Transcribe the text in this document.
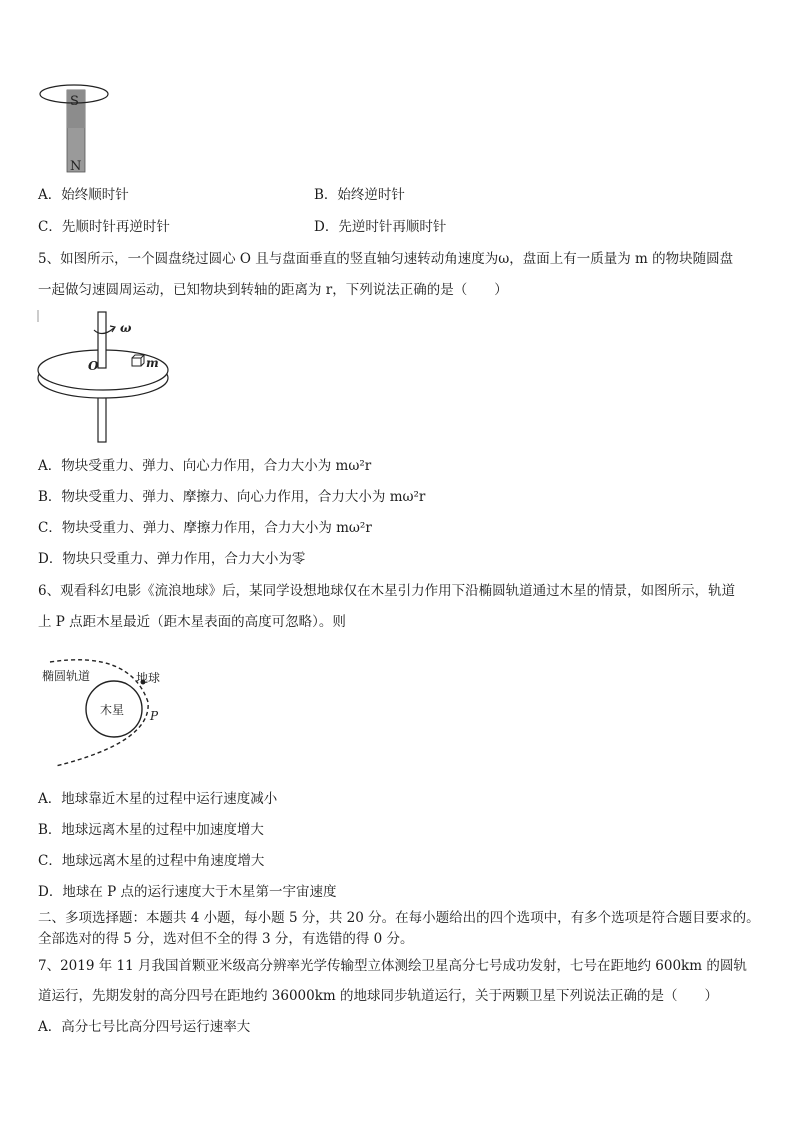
S
N
A．始终顺时针	B．始终逆时针
C．先顺时针再逆时针	D．先逆时针再顺时针
5、如图所示，一个圆盘绕过圆心 O 且与盘面垂直的竖直轴匀速转动角速度为ω，盘面上有一质量为 m 的物块随圆盘
一起做匀速圆周运动，已知物块到转轴的距离为 r，下列说法正确的是（　　）
ω
O	m
A．物块受重力、弹力、向心力作用，合力大小为 mω²r
B．物块受重力、弹力、摩擦力、向心力作用，合力大小为 mω²r
C．物块受重力、弹力、摩擦力作用，合力大小为 mω²r
D．物块只受重力、弹力作用，合力大小为零
6、观看科幻电影《流浪地球》后，某同学设想地球仅在木星引力作用下沿椭圆轨道通过木星的情景，如图所示，轨道
上 P 点距木星最近（距木星表面的高度可忽略）。则
椭圆轨道	地球
木星 P
A．地球靠近木星的过程中运行速度减小
B．地球远离木星的过程中加速度增大
C．地球远离木星的过程中角速度增大
D．地球在 P 点的运行速度大于木星第一宇宙速度
二、多项选择题：本题共 4 小题，每小题 5 分，共 20 分。在每小题给出的四个选项中，有多个选项是符合题目要求的。
全部选对的得 5 分，选对但不全的得 3 分，有选错的得 0 分。
7、2019 年 11 月我国首颗亚米级高分辨率光学传输型立体测绘卫星高分七号成功发射，七号在距地约 600km 的圆轨
道运行，先期发射的高分四号在距地约 36000km 的地球同步轨道运行，关于两颗卫星下列说法正确的是（　　）
A．高分七号比高分四号运行速率大
